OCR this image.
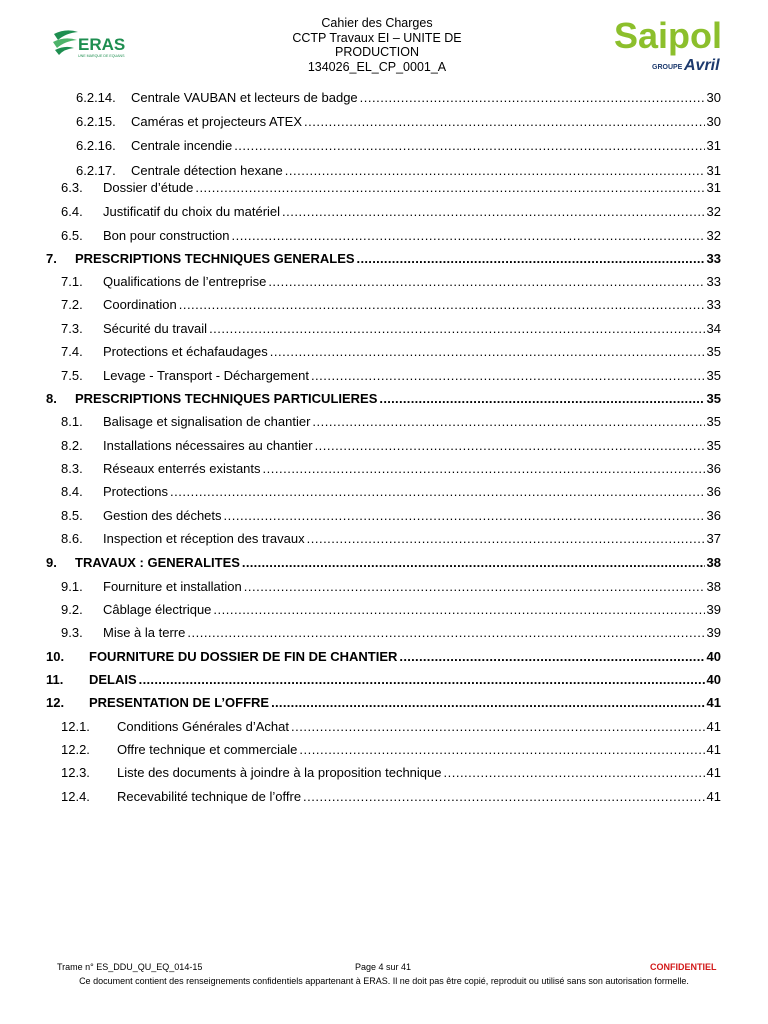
ERAS
UNE MARQUE DE EQUANS
Cahier des Charges
CCTP Travaux EI – UNITE DE
PRODUCTION
134026_EL_CP_0001_A
Saipol
GROUPE Avril
6.2.14. Centrale VAUBAN et lecteurs de badge .....	30
6.2.15. Caméras et projecteurs ATEX .....	30
6.2.16. Centrale incendie .....	31
6.2.17. Centrale détection hexane .....	31
6.3. Dossier d’étude .....	31
6.4. Justificatif du choix du matériel .....	32
6.5. Bon pour construction .....	32
7. PRESCRIPTIONS TECHNIQUES GENERALES .....	33
7.1. Qualifications de l’entreprise .....	33
7.2. Coordination .....	33
7.3. Sécurité du travail .....	34
7.4. Protections et échafaudages .....	35
7.5. Levage - Transport - Déchargement .....	35
8. PRESCRIPTIONS TECHNIQUES PARTICULIERES .....	35
8.1. Balisage et signalisation de chantier .....	35
8.2. Installations nécessaires au chantier .....	35
8.3. Réseaux enterrés existants .....	36
8.4. Protections .....	36
8.5. Gestion des déchets .....	36
8.6. Inspection et réception des travaux .....	37
9. TRAVAUX : GENERALITES .....	38
9.1. Fourniture et installation .....	38
9.2. Câblage électrique .....	39
9.3. Mise à la terre .....	39
10. FOURNITURE DU DOSSIER DE FIN DE CHANTIER .....	40
11. DELAIS .....	40
12. PRESENTATION DE L’OFFRE .....	41
12.1. Conditions Générales d’Achat .....	41
12.2. Offre technique et commerciale .....	41
12.3. Liste des documents à joindre à la proposition technique .....	41
12.4. Recevabilité technique de l’offre .....	41
Trame n° ES_DDU_QU_EQ_014-15	Page 4 sur 41	CONFIDENTIEL
Ce document contient des renseignements confidentiels appartenant à ERAS. Il ne doit pas être copié, reproduit ou utilisé sans son autorisation formelle.
